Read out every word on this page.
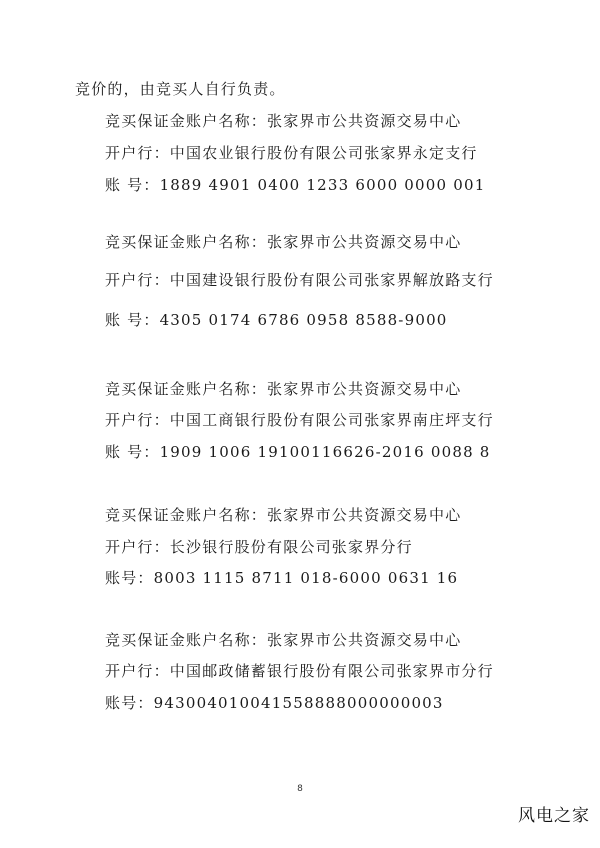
竞价的，由竞买人自行负责。
竞买保证金账户名称：张家界市公共资源交易中心
开户行：中国农业银行股份有限公司张家界永定支行
账 号：1889 4901 0400 1233 6000 0000 001
竞买保证金账户名称：张家界市公共资源交易中心
开户行：中国建设银行股份有限公司张家界解放路支行
账 号：4305 0174 6786 0958 8588-9000
竞买保证金账户名称：张家界市公共资源交易中心
开户行：中国工商银行股份有限公司张家界南庄坪支行
账 号：1909 1006 19100116626-2016 0088 8
竞买保证金账户名称：张家界市公共资源交易中心
开户行：长沙银行股份有限公司张家界分行
账号：8003 1115 8711 018-6000 0631 16
竞买保证金账户名称：张家界市公共资源交易中心
开户行：中国邮政储蓄银行股份有限公司张家界市分行
账号：943004010041558888000000003
8
风电之家
